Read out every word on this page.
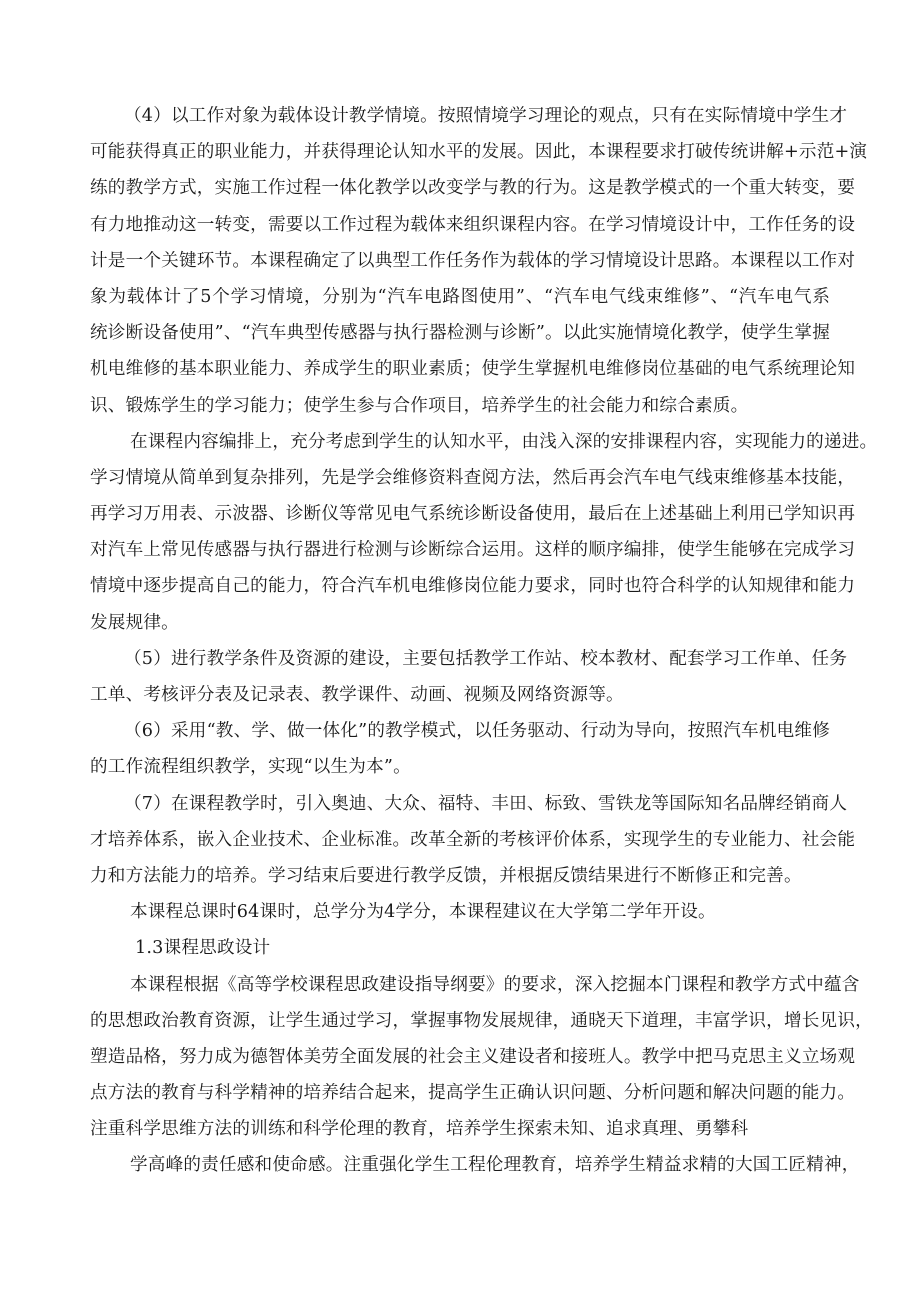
（4）以工作对象为载体设计教学情境。按照情境学习理论的观点，只有在实际情境中学生才
可能获得真正的职业能力，并获得理论认知水平的发展。因此，本课程要求打破传统讲解+示范+演
练的教学方式，实施工作过程一体化教学以改变学与教的行为。这是教学模式的一个重大转变，要
有力地推动这一转变，需要以工作过程为载体来组织课程内容。在学习情境设计中，工作任务的设
计是一个关键环节。本课程确定了以典型工作任务作为载体的学习情境设计思路。本课程以工作对
象为载体计了5个学习情境，分别为“汽车电路图使用”、“汽车电气线束维修”、“汽车电气系
统诊断设备使用”、“汽车典型传感器与执行器检测与诊断”。以此实施情境化教学，使学生掌握
机电维修的基本职业能力、养成学生的职业素质；使学生掌握机电维修岗位基础的电气系统理论知
识、锻炼学生的学习能力；使学生参与合作项目，培养学生的社会能力和综合素质。
在课程内容编排上，充分考虑到学生的认知水平，由浅入深的安排课程内容，实现能力的递进。
学习情境从简单到复杂排列，先是学会维修资料查阅方法，然后再会汽车电气线束维修基本技能，
再学习万用表、示波器、诊断仪等常见电气系统诊断设备使用，最后在上述基础上利用已学知识再
对汽车上常见传感器与执行器进行检测与诊断综合运用。这样的顺序编排，使学生能够在完成学习
情境中逐步提高自己的能力，符合汽车机电维修岗位能力要求，同时也符合科学的认知规律和能力
发展规律。
（5）进行教学条件及资源的建设，主要包括教学工作站、校本教材、配套学习工作单、任务
工单、考核评分表及记录表、教学课件、动画、视频及网络资源等。
（6）采用“教、学、做一体化”的教学模式，以任务驱动、行动为导向，按照汽车机电维修
的工作流程组织教学，实现“以生为本”。
（7）在课程教学时，引入奥迪、大众、福特、丰田、标致、雪铁龙等国际知名品牌经销商人
才培养体系，嵌入企业技术、企业标准。改革全新的考核评价体系，实现学生的专业能力、社会能
力和方法能力的培养。学习结束后要进行教学反馈，并根据反馈结果进行不断修正和完善。
本课程总课时64课时，总学分为4学分，本课程建议在大学第二学年开设。
1.3课程思政设计
本课程根据《高等学校课程思政建设指导纲要》的要求，深入挖掘本门课程和教学方式中蕴含
的思想政治教育资源，让学生通过学习，掌握事物发展规律，通晓天下道理，丰富学识，增长见识，
塑造品格，努力成为德智体美劳全面发展的社会主义建设者和接班人。教学中把马克思主义立场观
点方法的教育与科学精神的培养结合起来，提高学生正确认识问题、分析问题和解决问题的能力。
注重科学思维方法的训练和科学伦理的教育，培养学生探索未知、追求真理、勇攀科
学高峰的责任感和使命感。注重强化学生工程伦理教育，培养学生精益求精的大国工匠精神，
